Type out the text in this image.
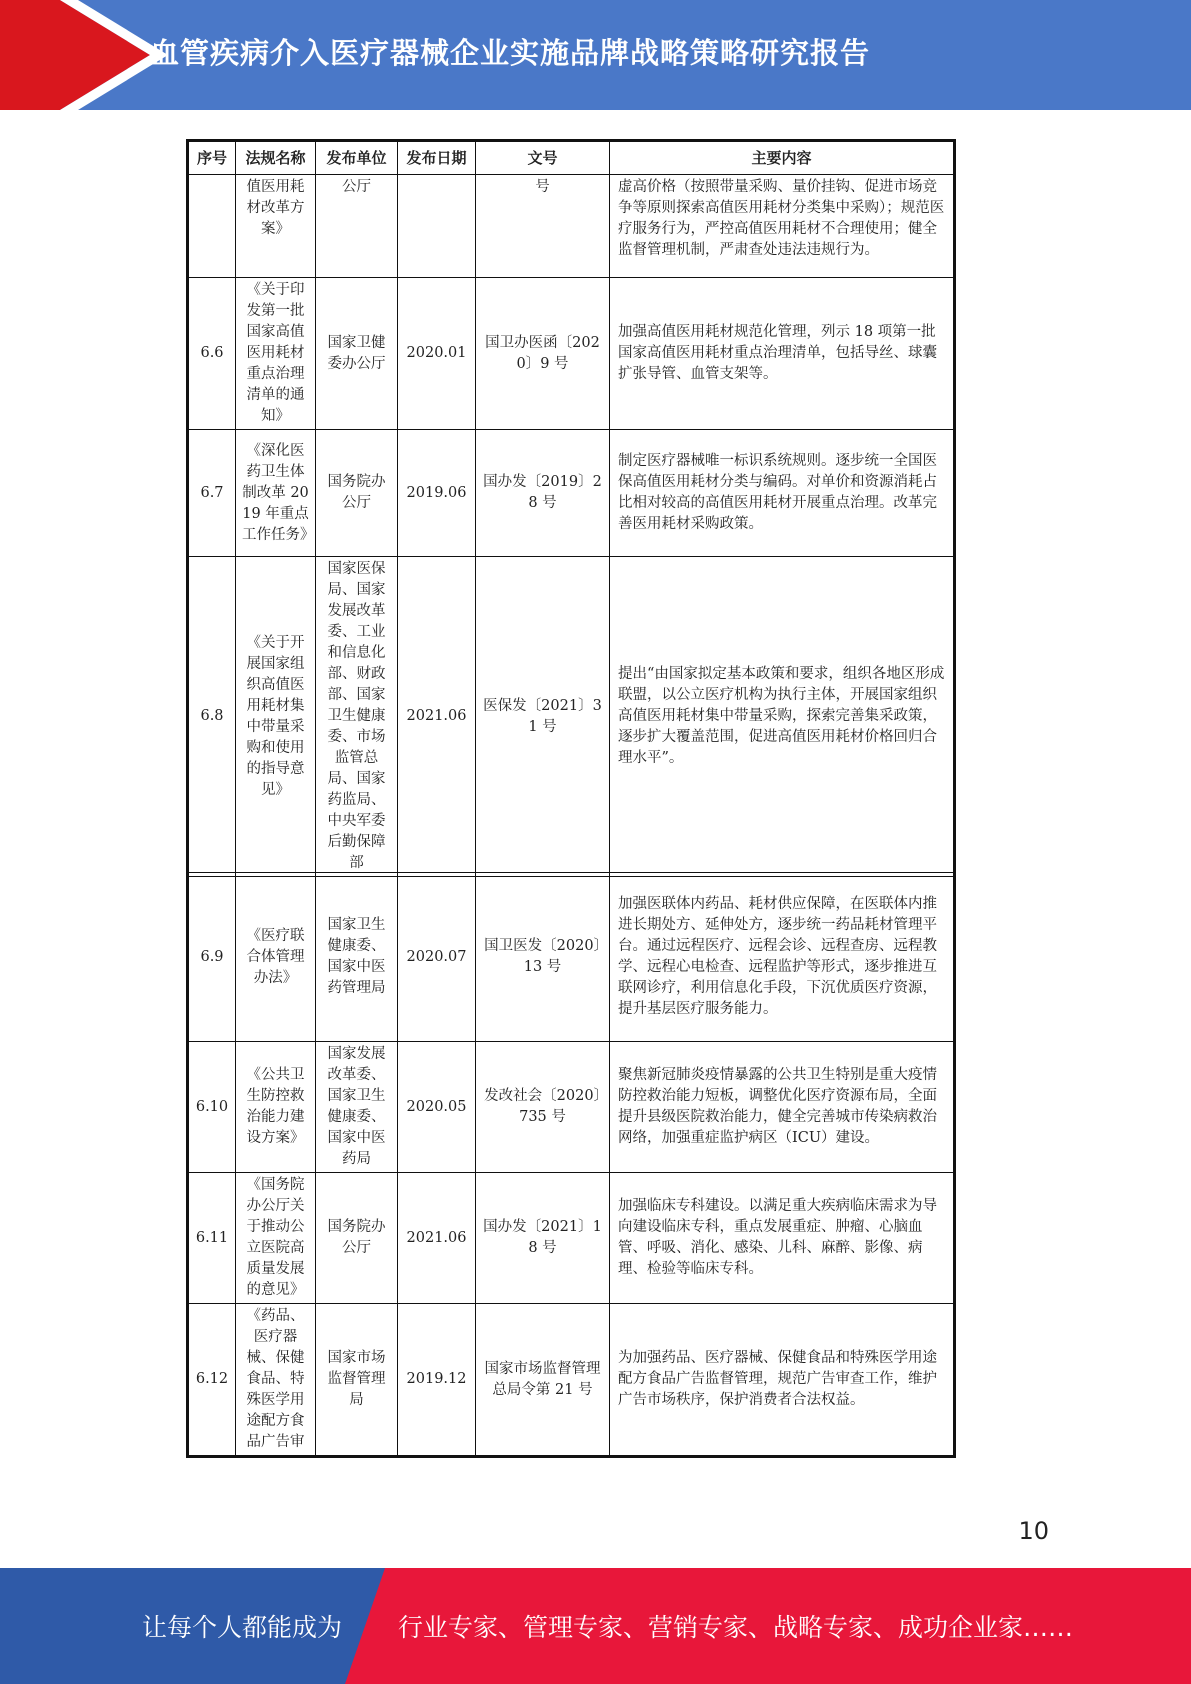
血管疾病介入医疗器械企业实施品牌战略策略研究报告
序号	法规名称	发布单位	发布日期	文号	主要内容
	值医用耗材改革方案》	公厅		号	虚高价格（按照带量采购、量价挂钩、促进市场竞争等原则探索高值医用耗材分类集中采购）；规范医疗服务行为，严控高值医用耗材不合理使用；健全监督管理机制，严肃查处违法违规行为。
6.6	《关于印发第一批国家高值医用耗材重点治理清单的通知》	国家卫健委办公厅	2020.01	国卫办医函〔2020〕9 号	加强高值医用耗材规范化管理，列示 18 项第一批国家高值医用耗材重点治理清单，包括导丝、球囊扩张导管、血管支架等。
6.7	《深化医药卫生体制改革 2019 年重点工作任务》	国务院办公厅	2019.06	国办发〔2019〕28 号	制定医疗器械唯一标识系统规则。逐步统一全国医保高值医用耗材分类与编码。对单价和资源消耗占比相对较高的高值医用耗材开展重点治理。改革完善医用耗材采购政策。
6.8	《关于开展国家组织高值医用耗材集中带量采购和使用的指导意见》	国家医保局、国家发展改革委、工业和信息化部、财政部、国家卫生健康委、市场监管总局、国家药监局、中央军委后勤保障部	2021.06	医保发〔2021〕31 号	提出“由国家拟定基本政策和要求，组织各地区形成联盟，以公立医疗机构为执行主体，开展国家组织高值医用耗材集中带量采购，探索完善集采政策，逐步扩大覆盖范围，促进高值医用耗材价格回归合理水平”。
6.9	《医疗联合体管理办法》	国家卫生健康委、国家中医药管理局	2020.07	国卫医发〔2020〕13 号	加强医联体内药品、耗材供应保障，在医联体内推进长期处方、延伸处方，逐步统一药品耗材管理平台。通过远程医疗、远程会诊、远程查房、远程教学、远程心电检查、远程监护等形式，逐步推进互联网诊疗，利用信息化手段，下沉优质医疗资源，提升基层医疗服务能力。
6.10	《公共卫生防控救治能力建设方案》	国家发展改革委、国家卫生健康委、国家中医药局	2020.05	发改社会〔2020〕735 号	聚焦新冠肺炎疫情暴露的公共卫生特别是重大疫情防控救治能力短板，调整优化医疗资源布局，全面提升县级医院救治能力，健全完善城市传染病救治网络，加强重症监护病区（ICU）建设。
6.11	《国务院办公厅关于推动公立医院高质量发展的意见》	国务院办公厅	2021.06	国办发〔2021〕18 号	加强临床专科建设。以满足重大疾病临床需求为导向建设临床专科，重点发展重症、肿瘤、心脑血管、呼吸、消化、感染、儿科、麻醉、影像、病理、检验等临床专科。
6.12	《药品、医疗器械、保健食品、特殊医学用途配方食品广告审	国家市场监督管理局	2019.12	国家市场监督管理总局令第 21 号	为加强药品、医疗器械、保健食品和特殊医学用途配方食品广告监督管理，规范广告审查工作，维护广告市场秩序，保护消费者合法权益。
10
让每个人都能成为 行业专家、管理专家、营销专家、战略专家、成功企业家……
